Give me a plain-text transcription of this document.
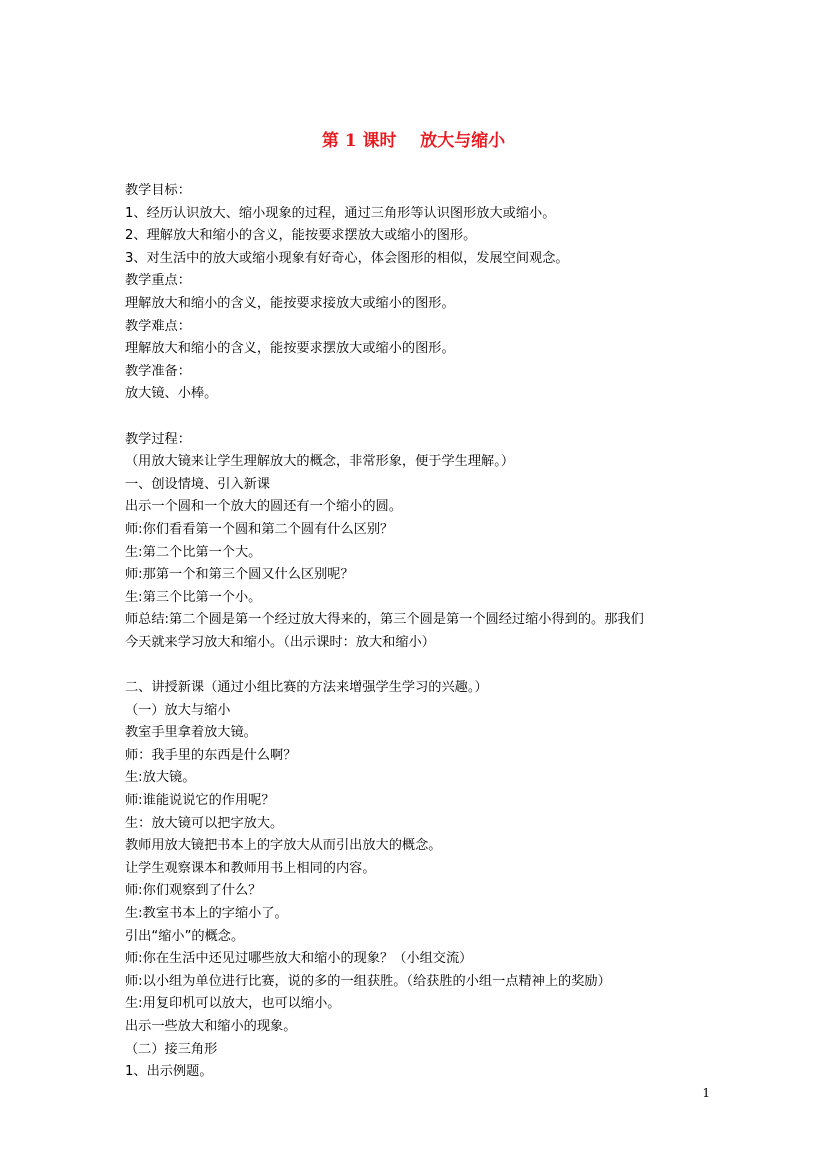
第 1 课时    放大与缩小
教学目标：
1、经历认识放大、缩小现象的过程，通过三角形等认识图形放大或缩小。
2、理解放大和缩小的含义，能按要求摆放大或缩小的图形。
3、对生活中的放大或缩小现象有好奇心，体会图形的相似，发展空间观念。
教学重点：
理解放大和缩小的含义，能按要求接放大或缩小的图形。
教学难点：
理解放大和缩小的含义，能按要求摆放大或缩小的图形。
教学准备：
放大镜、小棒。
教学过程：
（用放大镜来让学生理解放大的概念，非常形象，便于学生理解。）
一、创设情境、引入新课
出示一个圆和一个放大的圆还有一个缩小的圆。
师:你们看看第一个圆和第二个圆有什么区别？
生:第二个比第一个大。
师:那第一个和第三个圆又什么区别呢？
生:第三个比第一个小。
师总结:第二个圆是第一个经过放大得来的，第三个圆是第一个圆经过缩小得到的。那我们
今天就来学习放大和缩小。（出示课时：放大和缩小）
二、讲授新课（通过小组比赛的方法来增强学生学习的兴趣。）
（一）放大与缩小
教室手里拿着放大镜。
师：我手里的东西是什么啊？
生:放大镜。
师:谁能说说它的作用呢？
生：放大镜可以把字放大。
教师用放大镜把书本上的字放大从而引出放大的概念。
让学生观察课本和教师用书上相同的内容。
师:你们观察到了什么？
生:教室书本上的字缩小了。
引出“缩小”的概念。
师:你在生活中还见过哪些放大和缩小的现象？（小组交流）
师:以小组为单位进行比赛，说的多的一组获胜。（给获胜的小组一点精神上的奖励）
生:用复印机可以放大，也可以缩小。
出示一些放大和缩小的现象。
（二）接三角形
1、出示例题。
1
